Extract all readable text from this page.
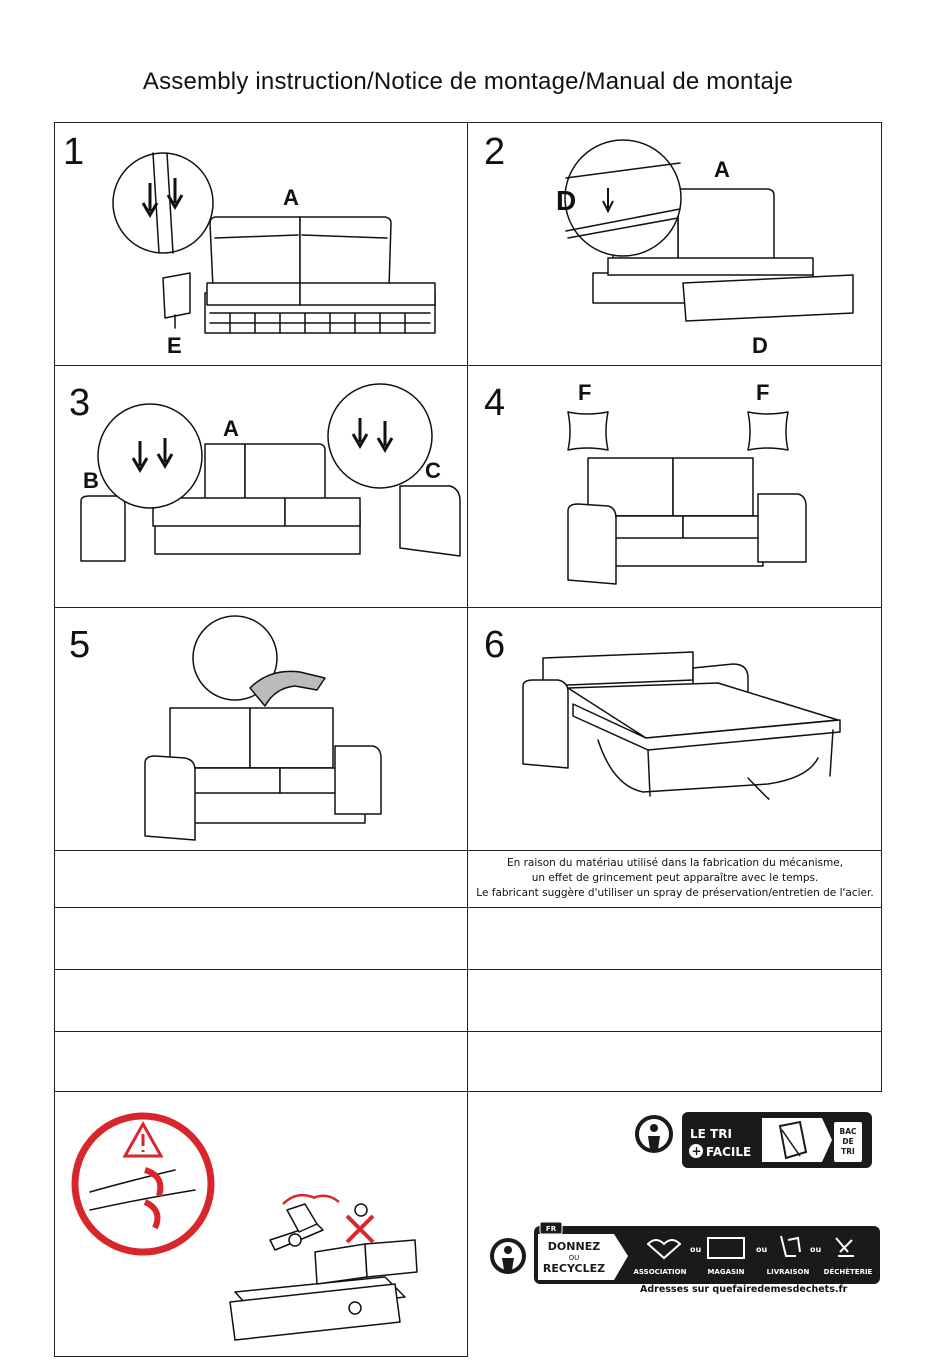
Assembly instruction/Notice de montage/Manual de montaje
1
A
E
2	A
D
D
3
A
B	C
4	F	F
5	6
En raison du matériau utilisé dans la fabrication du mécanisme,
un effet de grincement peut apparaître avec le temps.
Le fabricant suggère d'utiliser un spray de préservation/entretien de l'acier.
LE TRI
+ FACILE
BAC
DE
TRI
FR
DONNEZ
OU
RECYCLEZ
ou	ou	ou
ASSOCIATION	MAGASIN	LIVRAISON DÉCHÈTERIE
Adresses sur quefairedemesdechets.fr
